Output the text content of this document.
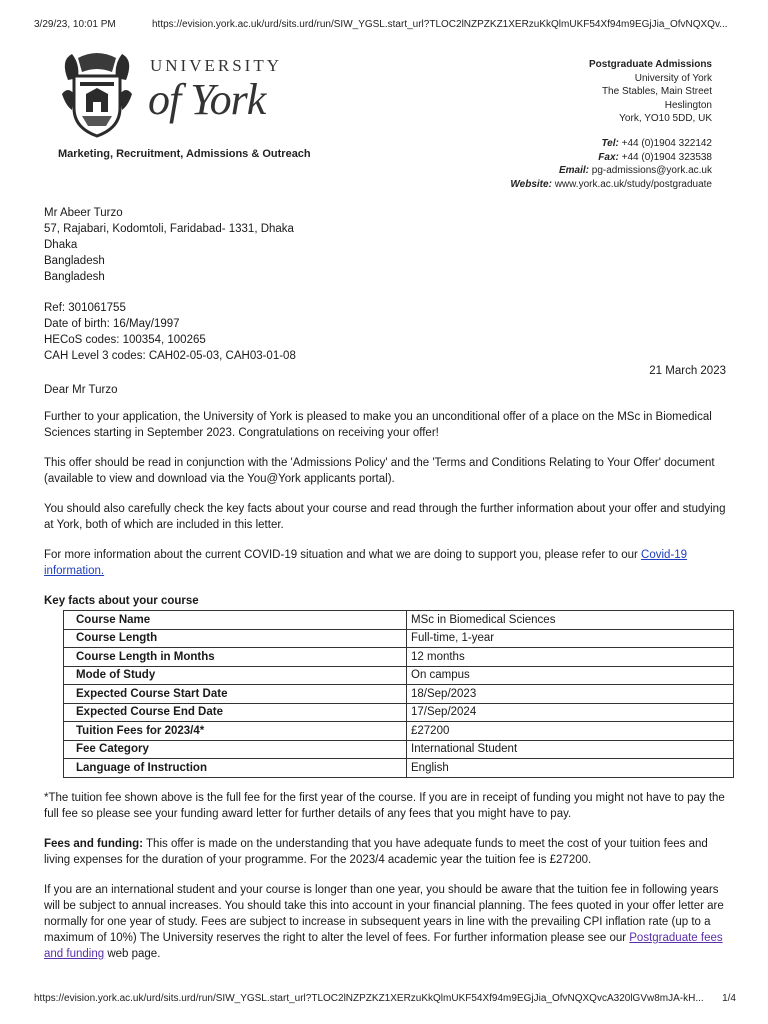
3/29/23, 10:01 PM	https://evision.york.ac.uk/urd/sits.urd/run/SIW_YGSL.start_url?TLOC2lNZPZKZ1XERzuKkQlmUKF54Xf94m9EGjJia_OfvNQXQv...
UNIVERSITY
of York
Marketing, Recruitment, Admissions & Outreach
Postgraduate Admissions
University of York
The Stables, Main Street
Heslington
York, YO10 5DD, UK
Tel: +44 (0)1904 322142
Fax: +44 (0)1904 323538
Email: pg-admissions@york.ac.uk
Website: www.york.ac.uk/study/postgraduate
Mr Abeer Turzo
57, Rajabari, Kodomtoli, Faridabad- 1331, Dhaka
Dhaka
Bangladesh
Bangladesh
Ref: 301061755
Date of birth: 16/May/1997
HECoS codes: 100354, 100265
CAH Level 3 codes: CAH02-05-03, CAH03-01-08
21 March 2023
Dear Mr Turzo

Further to your application, the University of York is pleased to make you an unconditional offer of a place on the MSc in Biomedical Sciences starting in September 2023. Congratulations on receiving your offer!

This offer should be read in conjunction with the 'Admissions Policy' and the 'Terms and Conditions Relating to Your Offer' document (available to view and download via the You@York applicants portal).

You should also carefully check the key facts about your course and read through the further information about your offer and studying at York, both of which are included in this letter.

For more information about the current COVID-19 situation and what we are doing to support you, please refer to our Covid-19 information.

Key facts about your course
Course Name	MSc in Biomedical Sciences
Course Length	Full-time, 1-year
Course Length in Months	12 months
Mode of Study	On campus
Expected Course Start Date	18/Sep/2023
Expected Course End Date	17/Sep/2024
Tuition Fees for 2023/4*	£27200
Fee Category	International Student
Language of Instruction	English

*The tuition fee shown above is the full fee for the first year of the course. If you are in receipt of funding you might not have to pay the full fee so please see your funding award letter for further details of any fees that you might have to pay.

Fees and funding: This offer is made on the understanding that you have adequate funds to meet the cost of your tuition fees and living expenses for the duration of your programme. For the 2023/4 academic year the tuition fee is £27200.

If you are an international student and your course is longer than one year, you should be aware that the tuition fee in following years will be subject to annual increases. You should take this into account in your financial planning. The fees quoted in your offer letter are normally for one year of study. Fees are subject to increase in subsequent years in line with the prevailing CPI inflation rate (up to a maximum of 10%) The University reserves the right to alter the level of fees. For further information please see our Postgraduate fees and funding web page.

https://evision.york.ac.uk/urd/sits.urd/run/SIW_YGSL.start_url?TLOC2lNZPZKZ1XERzuKkQlmUKF54Xf94m9EGjJia_OfvNQXQvcA320lGVw8mJA-kH...	1/4
